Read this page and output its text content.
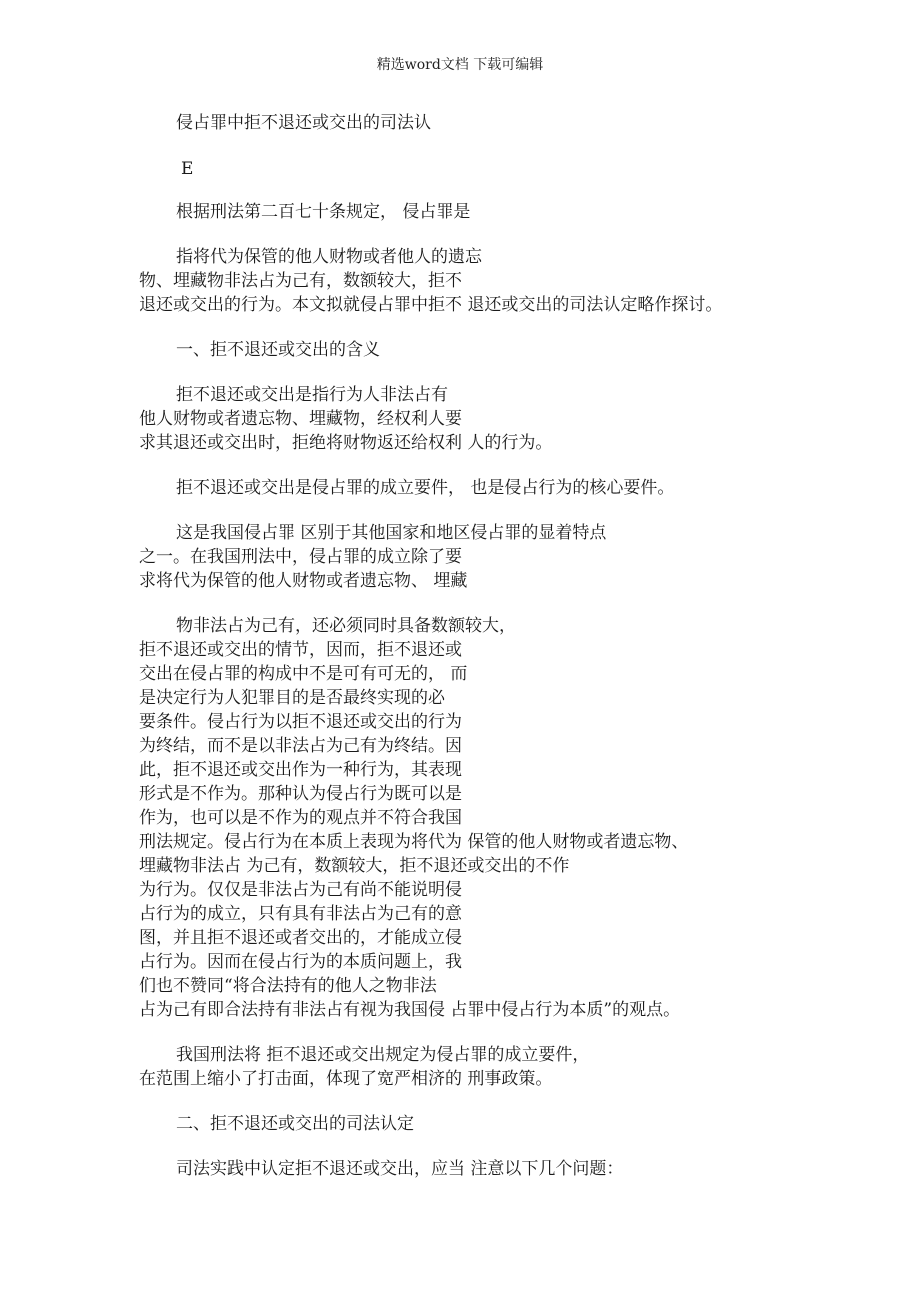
精选word文档 下载可编辑
侵占罪中拒不退还或交出的司法认
E
根据刑法第二百七十条规定， 侵占罪是
指将代为保管的他人财物或者他人的遗忘
物、埋藏物非法占为己有，数额较大，拒不
退还或交出的行为。本文拟就侵占罪中拒不 退还或交出的司法认定略作探讨。
一、拒不退还或交出的含义
拒不退还或交出是指行为人非法占有
他人财物或者遗忘物、埋藏物，经权利人要
求其退还或交出时，拒绝将财物返还给权利 人的行为。
拒不退还或交出是侵占罪的成立要件， 也是侵占行为的核心要件。
这是我国侵占罪 区别于其他国家和地区侵占罪的显着特点
之一。在我国刑法中，侵占罪的成立除了要
求将代为保管的他人财物或者遗忘物、 埋藏
物非法占为己有，还必须同时具备数额较大，
拒不退还或交出的情节，因而，拒不退还或
交出在侵占罪的构成中不是可有可无的， 而
是决定行为人犯罪目的是否最终实现的必
要条件。侵占行为以拒不退还或交出的行为
为终结，而不是以非法占为己有为终结。因
此，拒不退还或交出作为一种行为，其表现
形式是不作为。那种认为侵占行为既可以是
作为，也可以是不作为的观点并不符合我国
刑法规定。侵占行为在本质上表现为将代为 保管的他人财物或者遗忘物、
埋藏物非法占 为己有，数额较大，拒不退还或交出的不作
为行为。仅仅是非法占为己有尚不能说明侵
占行为的成立，只有具有非法占为己有的意
图，并且拒不退还或者交出的，才能成立侵
占行为。因而在侵占行为的本质问题上，我
们也不赞同“将合法持有的他人之物非法
占为己有即合法持有非法占有视为我国侵 占罪中侵占行为本质”的观点。
我国刑法将 拒不退还或交出规定为侵占罪的成立要件，
在范围上缩小了打击面，体现了宽严相济的 刑事政策。
二、拒不退还或交出的司法认定
司法实践中认定拒不退还或交出，应当 注意以下几个问题：
